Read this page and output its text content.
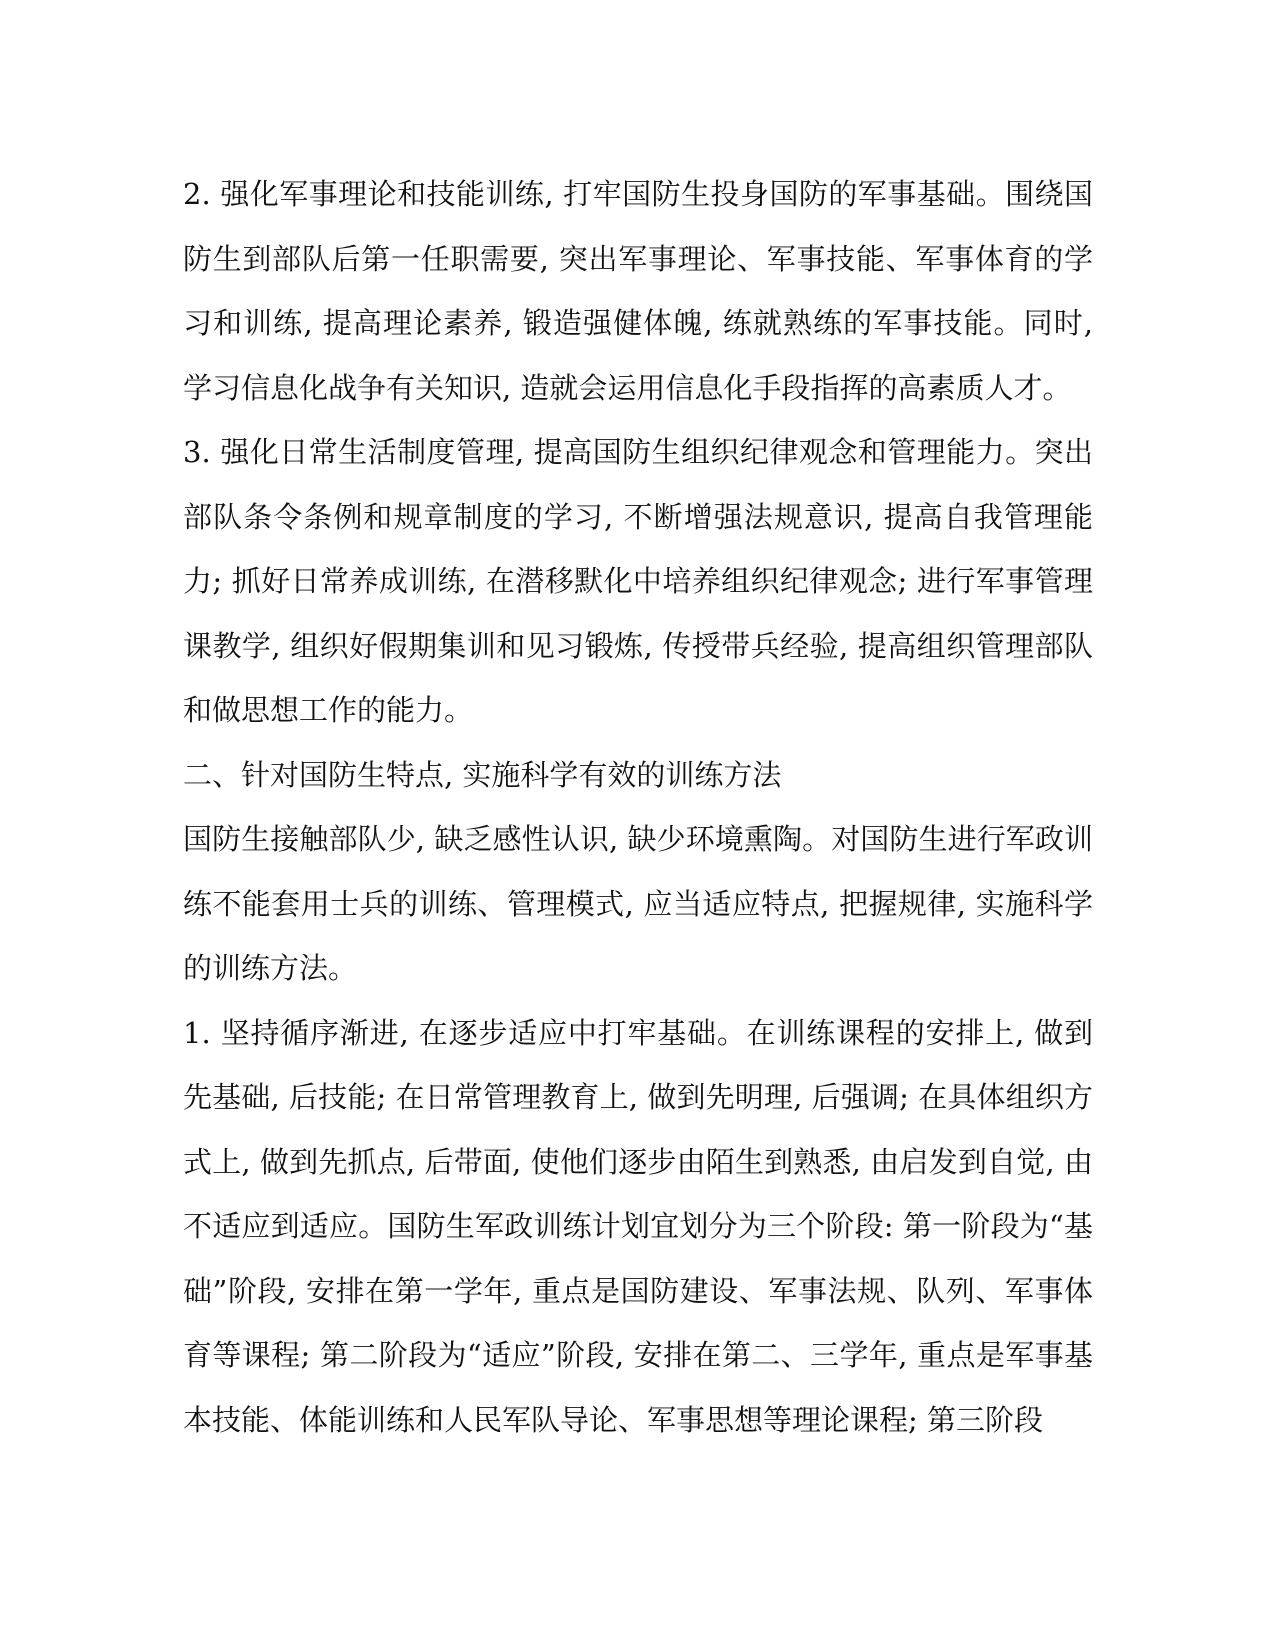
2. 强化军事理论和技能训练, 打牢国防生投身国防的军事基础。围绕国防生到部队后第一任职需要, 突出军事理论、军事技能、军事体育的学习和训练, 提高理论素养, 锻造强健体魄, 练就熟练的军事技能。同时, 学习信息化战争有关知识, 造就会运用信息化手段指挥的高素质人才。

3. 强化日常生活制度管理, 提高国防生组织纪律观念和管理能力。突出部队条令条例和规章制度的学习, 不断增强法规意识, 提高自我管理能力; 抓好日常养成训练, 在潜移默化中培养组织纪律观念; 进行军事管理课教学, 组织好假期集训和见习锻炼, 传授带兵经验, 提高组织管理部队和做思想工作的能力。

二、针对国防生特点, 实施科学有效的训练方法

国防生接触部队少, 缺乏感性认识, 缺少环境熏陶。对国防生进行军政训练不能套用士兵的训练、管理模式, 应当适应特点, 把握规律, 实施科学的训练方法。

1. 坚持循序渐进, 在逐步适应中打牢基础。在训练课程的安排上, 做到先基础, 后技能; 在日常管理教育上, 做到先明理, 后强调; 在具体组织方式上, 做到先抓点, 后带面, 使他们逐步由陌生到熟悉, 由启发到自觉, 由不适应到适应。国防生军政训练计划宜划分为三个阶段: 第一阶段为“基础”阶段, 安排在第一学年, 重点是国防建设、军事法规、队列、军事体育等课程; 第二阶段为“适应”阶段, 安排在第二、三学年, 重点是军事基本技能、体能训练和人民军队导论、军事思想等理论课程; 第三阶段
